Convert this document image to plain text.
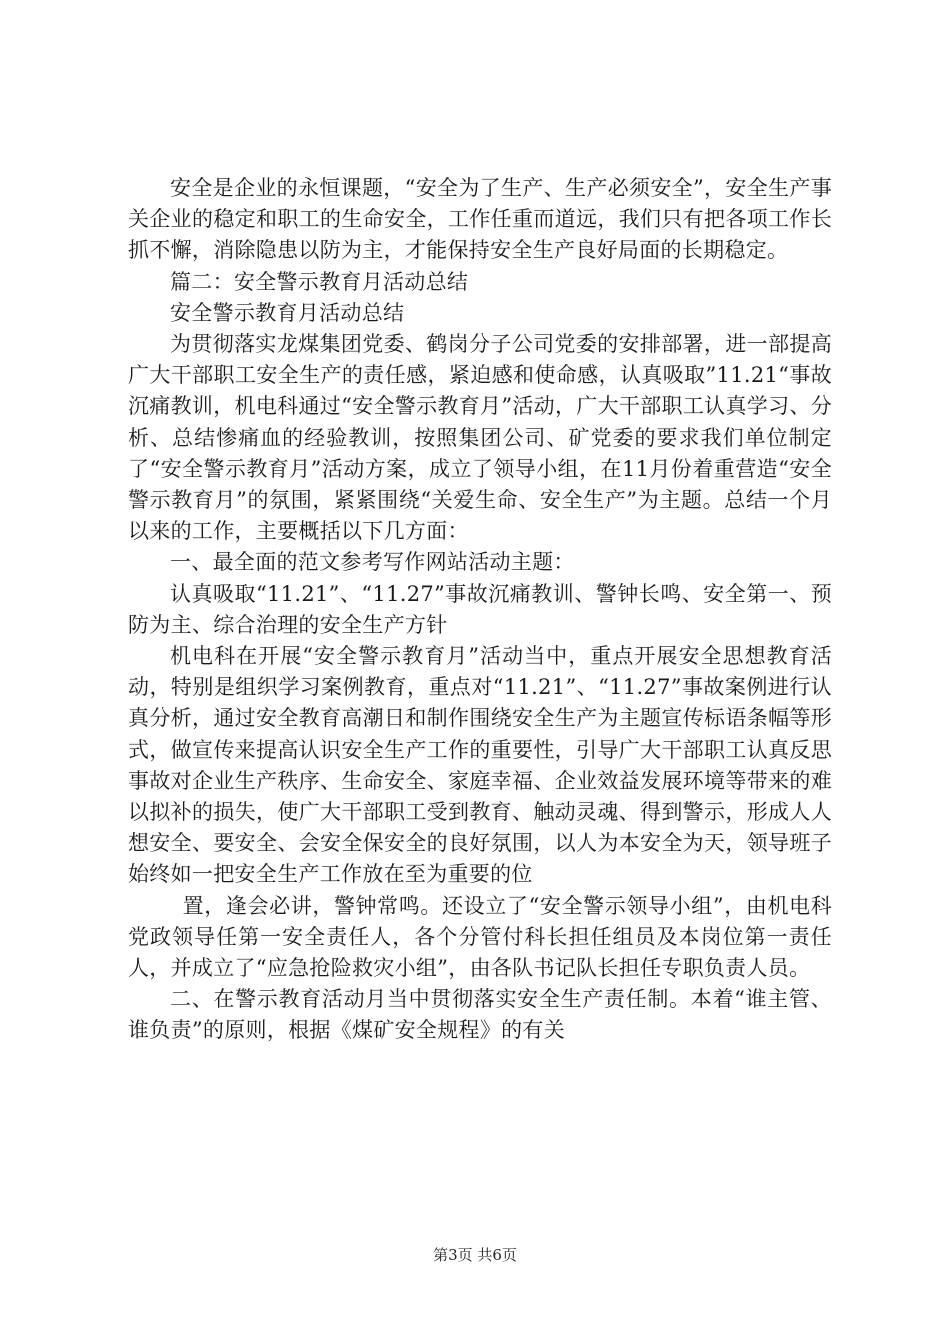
安全是企业的永恒课题，“安全为了生产、生产必须安全”，安全生产事关企业的稳定和职工的生命安全，工作任重而道远，我们只有把各项工作长抓不懈，消除隐患以防为主，才能保持安全生产良好局面的长期稳定。

篇二：安全警示教育月活动总结

安全警示教育月活动总结

为贯彻落实龙煤集团党委、鹤岗分子公司党委的安排部署，进一部提高广大干部职工安全生产的责任感，紧迫感和使命感，认真吸取”11.21“事故沉痛教训，机电科通过“安全警示教育月”活动，广大干部职工认真学习、分析、总结惨痛血的经验教训，按照集团公司、矿党委的要求我们单位制定了“安全警示教育月”活动方案，成立了领导小组，在11月份着重营造“安全警示教育月”的氛围，紧紧围绕“关爱生命、安全生产”为主题。总结一个月以来的工作，主要概括以下几方面：

一、最全面的范文参考写作网站活动主题：

认真吸取“11.21”、“11.27”事故沉痛教训、警钟长鸣、安全第一、预防为主、综合治理的安全生产方针

机电科在开展“安全警示教育月”活动当中，重点开展安全思想教育活动，特别是组织学习案例教育，重点对“11.21”、“11.27”事故案例进行认真分析，通过安全教育高潮日和制作围绕安全生产为主题宣传标语条幅等形式，做宣传来提高认识安全生产工作的重要性，引导广大干部职工认真反思事故对企业生产秩序、生命安全、家庭幸福、企业效益发展环境等带来的难以拟补的损失，使广大干部职工受到教育、触动灵魂、得到警示，形成人人想安全、要安全、会安全保安全的良好氛围，以人为本安全为天，领导班子始终如一把安全生产工作放在至为重要的位

置，逢会必讲，警钟常鸣。还设立了“安全警示领导小组”，由机电科党政领导任第一安全责任人，各个分管付科长担任组员及本岗位第一责任人，并成立了“应急抢险救灾小组”，由各队书记队长担任专职负责人员。

二、在警示教育活动月当中贯彻落实安全生产责任制。本着“谁主管、谁负责”的原则，根据《煤矿安全规程》的有关

第3页 共6页
